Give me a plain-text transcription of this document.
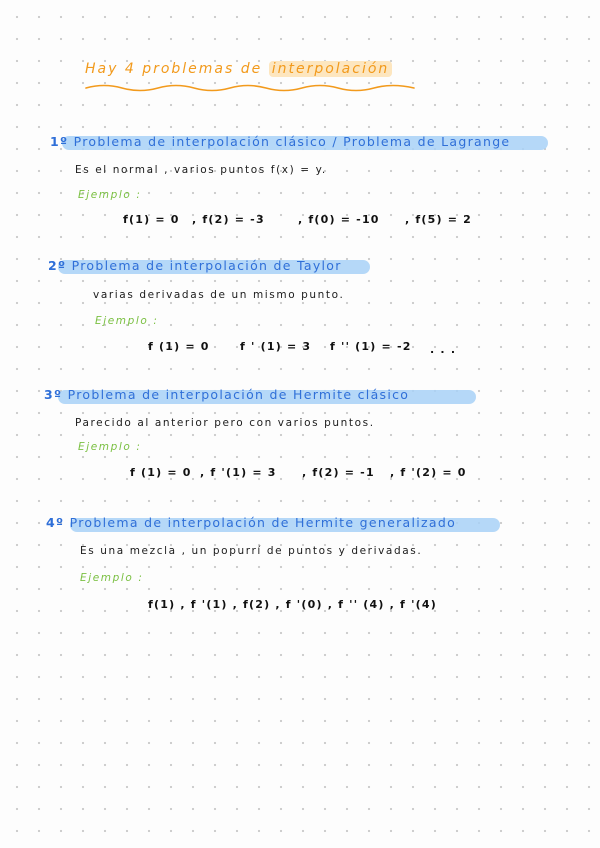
Hay 4 problemas de interpolación
1º Problema de interpolación clásico / Problema de Lagrange
Es el normal , varios puntos f(x) = y.
Ejemplo :
f(1) = 0 , f(2) = -3	, f(0) = -10 , f(5) = 2
2º Problema de interpolación de Taylor
varias derivadas de un mismo punto.
Ejemplo :
f (1) = 0	f ' (1) = 3 f '' (1) = -2 . . .
3º Problema de interpolación de Hermite clásico
Parecido al anterior pero con varios puntos.
Ejemplo :
f (1) = 0 , f '(1) = 3 , f(2) = -1 , f '(2) = 0
4º Problema de interpolación de Hermite generalizado
Es una mezcla , un popurrí de puntos y derivadas.
Ejemplo :
f(1) , f '(1) , f(2) , f '(0) , f '' (4) , f '(4)
